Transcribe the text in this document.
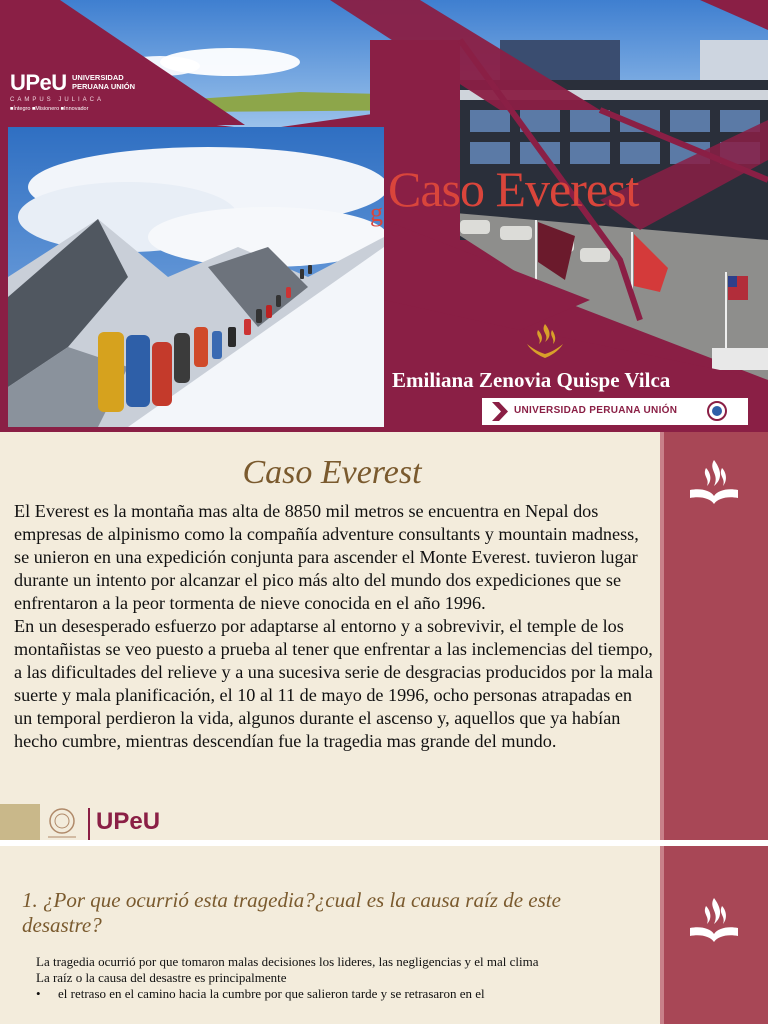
UPeU UNIVERSIDAD
PERUANA UNIÓN
CAMPUS JULIACA
■Íntegro ■Misionero ■Innovador
g Caso Everest
Emiliana Zenovia Quispe Vilca
UNIVERSIDAD PERUANA UNIÓN
Caso Everest

El Everest es la montaña mas alta de 8850 mil metros se encuentra en Nepal dos empresas de alpinismo como la compañía adventure consultants y mountain madness, se unieron en una expedición conjunta para ascender el Monte Everest. tuvieron lugar durante un intento por alcanzar el pico más alto del mundo dos expediciones que se enfrentaron a la peor tormenta de nieve conocida en el año 1996.

En un desesperado esfuerzo por adaptarse al entorno y a sobrevivir, el temple de los montañistas se veo puesto a prueba al tener que enfrentar a las inclemencias del tiempo, a las dificultades del relieve y a una sucesiva serie de desgracias producidos por la mala suerte y mala planificación, el 10 al 11 de mayo de 1996, ocho personas atrapadas en un temporal perdieron la vida, algunos durante el ascenso y, aquellos que ya habían hecho cumbre, mientras descendían fue la tragedia mas grande del mundo.

UPeU

1. ¿Por que ocurrió esta tragedia?¿cual es la causa raíz de este desastre?

La tragedia ocurrió por que tomaron malas decisiones los lideres, las negligencias y el mal clima
La raíz o la causa del desastre es principalmente
• el retraso en el camino hacia la cumbre por que salieron tarde y se retrasaron en el
